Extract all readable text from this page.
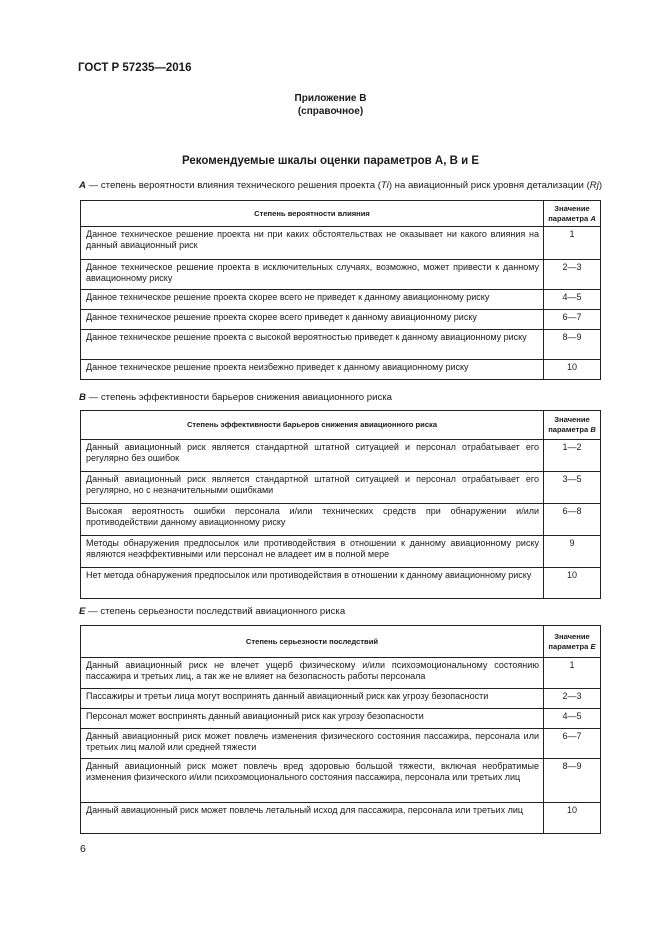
ГОСТ Р 57235—2016
Приложение В
(справочное)
Рекомендуемые шкалы оценки параметров A, B и E
A — степень вероятности влияния технического решения проекта (Ti) на авиационный риск уровня детализации (Rj)
Степень вероятности влияния	Значение параметра A
Данное техническое решение проекта ни при каких обстоятельствах не оказывает ни какого влияния на данный авиационный риск	1
Данное техническое решение проекта в исключительных случаях, возможно, может привести к данному авиационному риску	2—3
Данное техническое решение проекта скорее всего не приведет к данному авиационному риску	4—5
Данное техническое решение проекта скорее всего приведет к данному авиационному риску	6—7
Данное техническое решение проекта с высокой вероятностью приведет к данному авиационному риску	8—9
Данное техническое решение проекта неизбежно приведет к данному авиационному риску	10
B — степень эффективности барьеров снижения авиационного риска
Степень эффективности барьеров снижения авиационного риска	Значение параметра B
Данный авиационный риск является стандартной штатной ситуацией и персонал отрабатывает его регулярно без ошибок	1—2
Данный авиационный риск является стандартной штатной ситуацией и персонал отрабатывает его регулярно, но с незначительными ошибками	3—5
Высокая вероятность ошибки персонала и/или технических средств при обнаружении и/или противодействии данному авиационному риску	6—8
Методы обнаружения предпосылок или противодействия в отношении к данному авиационному риску являются неэффективными или персонал не владеет им в полной мере	9
Нет метода обнаружения предпосылок или противодействия в отношении к данному авиационному риску	10
E — степень серьезности последствий авиационного риска
Степень серьезности последствий	Значение параметра E
Данный авиационный риск не влечет ущерб физическому и/или психоэмоциональному состоянию пассажира и третьих лиц, а так же не влияет на безопасность работы персонала	1
Пассажиры и третьи лица могут воспринять данный авиационный риск как угрозу безопасности	2—3
Персонал может воспринять данный авиационный риск как угрозу безопасности	4—5
Данный авиационный риск может повлечь изменения физического состояния пассажира, персонала или третьих лиц малой или средней тяжести	6—7
Данный авиационный риск может повлечь вред здоровью большой тяжести, включая необратимые изменения физического и/или психоэмоционального состояния пассажира, персонала или третьих лиц	8—9
Данный авиационный риск может повлечь летальный исход для пассажира, персонала или третьих лиц	10
6
